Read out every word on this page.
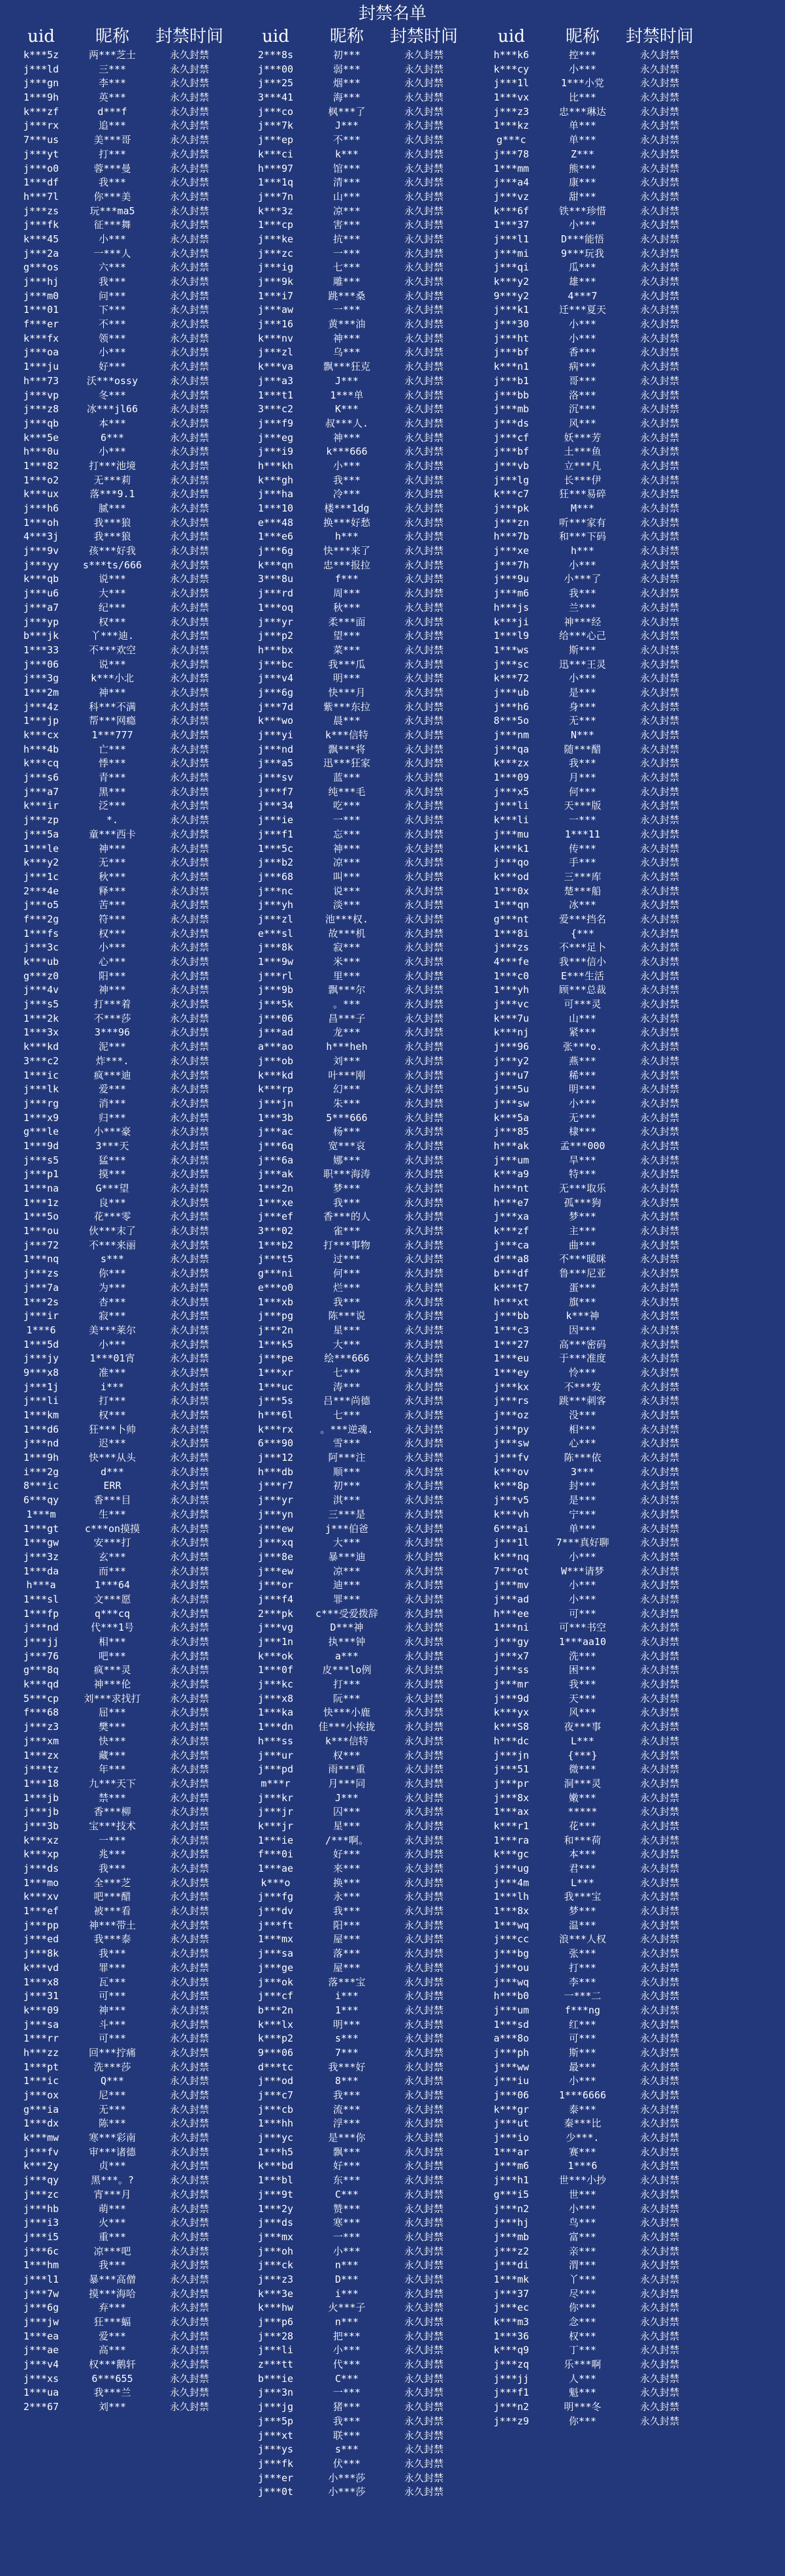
封禁名单
uid	昵称	封禁时间
k***5z	两***芝士	永久封禁
j***ld	三***	永久封禁
j***gn	李***	永久封禁
1***9h	英***	永久封禁
k***zf	d***f	永久封禁
j***rx	追***	永久封禁
7***us	美***哥	永久封禁
j***yt	打***	永久封禁
j***o0	蓉***曼	永久封禁
1***df	我***	永久封禁
h***7l	你***美	永久封禁
j***zs	玩***ma5	永久封禁
j***fk	征***舞	永久封禁
k***45	小***	永久封禁
j***2a	一***人	永久封禁
g***os	六***	永久封禁
j***hj	我***	永久封禁
j***m0	问***	永久封禁
1***01	下***	永久封禁
f***er	不***	永久封禁
k***fx	领***	永久封禁
j***oa	小***	永久封禁
1***ju	好***	永久封禁
h***73	沃***ossy	永久封禁
j***vp	冬***	永久封禁
j***z8	冰***jl66	永久封禁
j***qb	本***	永久封禁
k***5e	6***	永久封禁
h***0u	小***	永久封禁
1***82	打***池境	永久封禁
1***o2	无***莉	永久封禁
k***ux	落***9.1	永久封禁
j***h6	腻***	永久封禁
1***oh	我***狼	永久封禁
4***3j	我***狼	永久封禁
j***9v	孩***好我	永久封禁
j***yy	s***ts/666	永久封禁
k***qb	说***	永久封禁
j***u6	大***	永久封禁
j***a7	纪***	永久封禁
j***yp	权***	永久封禁
b***jk	丫***迪.	永久封禁
1***33	不***欢空	永久封禁
j***06	说***	永久封禁
j***3g	k***小北	永久封禁
1***2m	神***	永久封禁
j***4z	科***不满	永久封禁
1***jp	帮***网瘾	永久封禁
k***cx	1***777	永久封禁
h***4b	亡***	永久封禁
k***cq	悸***	永久封禁
j***s6	青***	永久封禁
j***a7	黑***	永久封禁
k***ir	泛***	永久封禁
j***zp	*.	永久封禁
j***5a	童***西卡	永久封禁
1***le	神***	永久封禁
k***y2	无***	永久封禁
j***1c	秋***	永久封禁
2***4e	释***	永久封禁
j***o5	苦***	永久封禁
f***2g	符***	永久封禁
1***fs	权***	永久封禁
j***3c	小***	永久封禁
k***ub	心***	永久封禁
g***z0	阳***	永久封禁
j***4v	神***	永久封禁
j***s5	打***着	永久封禁
1***2k	不***莎	永久封禁
1***3x	3***96	永久封禁
k***kd	泥***	永久封禁
3***c2	炸***.	永久封禁
1***ic	疯***迪	永久封禁
j***lk	爱***	永久封禁
j***rg	消***	永久封禁
1***x9	归***	永久封禁
g***le	小***豪	永久封禁
1***9d	3***天	永久封禁
j***s5	猛***	永久封禁
j***p1	摸***	永久封禁
1***na	G***望	永久封禁
1***1z	良***	永久封禁
1***5o	花***零	永久封禁
1***ou	伙***末了	永久封禁
j***72	不***来丽	永久封禁
1***nq	s***	永久封禁
j***zs	你***	永久封禁
j***7a	为***	永久封禁
1***2s	杏***	永久封禁
j***ir	寂***	永久封禁
1***6	美***莱尔	永久封禁
1***5d	小***	永久封禁
j***jy	1***01宵	永久封禁
9***x8	准***	永久封禁
j***1j	i***	永久封禁
j***li	打***	永久封禁
1***km	权***	永久封禁
1***d6	狂***卜帅	永久封禁
j***nd	迟***	永久封禁
1***9h	快***从头	永久封禁
i***2g	d***	永久封禁
8***ic	ERR	永久封禁
6***qy	香***目	永久封禁
1***m	生***	永久封禁
1***gt	c***on摸摸	永久封禁
1***gw	安***打	永久封禁
j***3z	玄***	永久封禁
1***da	而***	永久封禁
h***a	1***64	永久封禁
1***sl	文***愿	永久封禁
1***fp	q***cq	永久封禁
j***nd	代***1号	永久封禁
j***jj	相***	永久封禁
j***76	吧***	永久封禁
g***8q	疯***灵	永久封禁
k***qd	神***伦	永久封禁
5***cp	刘***求找打	永久封禁
f***68	屈***	永久封禁
j***z3	樊***	永久封禁
j***xm	快***	永久封禁
1***zx	藏***	永久封禁
j***tz	年***	永久封禁
1***18	九***天下	永久封禁
1***jb	禁***	永久封禁
j***jb	香***柳	永久封禁
j***3b	宝***技术	永久封禁
k***xz	一***	永久封禁
k***xp	兆***	永久封禁
j***ds	我***	永久封禁
1***mo	全***芝	永久封禁
k***xv	吧***醋	永久封禁
1***ef	被***看	永久封禁
j***pp	神***带土	永久封禁
j***ed	我***泰	永久封禁
j***8k	我***	永久封禁
k***vd	罪***	永久封禁
1***x8	瓦***	永久封禁
j***31	可***	永久封禁
k***09	神***	永久封禁
j***sa	斗***	永久封禁
1***rr	可***	永久封禁
h***zz	回***拧痛	永久封禁
1***pt	洗***莎	永久封禁
1***ic	Q***	永久封禁
j***ox	尼***	永久封禁
g***ia	无***	永久封禁
1***dx	陈***	永久封禁
k***mw	寒***彩南	永久封禁
j***fv	审***诸德	永久封禁
k***2y	贞***	永久封禁
j***qy	黑***。?	永久封禁
j***zc	宵***月	永久封禁
j***hb	萌***	永久封禁
j***i3	火***	永久封禁
j***i5	重***	永久封禁
j***6c	凉***吧	永久封禁
1***hm	我***	永久封禁
j***l1	暴***高僧	永久封禁
j***7w	摸***海哈	永久封禁
j***6g	弃***	永久封禁
j***jw	狂***蝠	永久封禁
1***ea	爱***	永久封禁
j***ae	高***	永久封禁
j***v4	权***鹅轩	永久封禁
j***xs	6***655	永久封禁
1***ua	我***兰	永久封禁
2***67	刘***	永久封禁
uid	昵称	封禁时间
2***8s	初***	永久封禁
j***00	弱***	永久封禁
j***25	烟***	永久封禁
3***41	海***	永久封禁
j***co	枫***了	永久封禁
j***7k	J***	永久封禁
j***ep	不***	永久封禁
k***ci	k***	永久封禁
h***97	馆***	永久封禁
1***1q	清***	永久封禁
j***7n	山***	永久封禁
k***3z	凉***	永久封禁
1***cp	害***	永久封禁
j***ke	抗***	永久封禁
j***zc	一***	永久封禁
j***ig	七***	永久封禁
j***9k	雕***	永久封禁
1***i7	跳***桑	永久封禁
j***aw	一***	永久封禁
j***16	黄***油	永久封禁
k***nv	神***	永久封禁
j***zl	乌***	永久封禁
k***va	飘***狂克	永久封禁
j***a3	J***	永久封禁
1***t1	1***单	永久封禁
3***c2	K***	永久封禁
j***f9	叔***人.	永久封禁
j***eg	神***	永久封禁
j***i9	k***666	永久封禁
h***kh	小***	永久封禁
k***gh	我***	永久封禁
j***ha	冷***	永久封禁
1***10	楼***1dg	永久封禁
e***48	换***好愁	永久封禁
1***e6	h***	永久封禁
j***6g	快***来了	永久封禁
k***qn	忠***报拉	永久封禁
3***8u	f***	永久封禁
j***rd	周***	永久封禁
1***oq	秋***	永久封禁
j***yr	柔***面	永久封禁
j***p2	望***	永久封禁
h***bx	菜***	永久封禁
j***bc	我***瓜	永久封禁
j***v4	明***	永久封禁
j***6g	快***月	永久封禁
j***7d	紫***东拉	永久封禁
k***wo	晨***	永久封禁
j***yi	k***信特	永久封禁
j***nd	飘***将	永久封禁
j***a5	迅***狂家	永久封禁
j***sv	蓝***	永久封禁
j***f7	纯***毛	永久封禁
j***34	吃***	永久封禁
j***ie	一***	永久封禁
j***f1	忘***	永久封禁
1***5c	神***	永久封禁
j***b2	凉***	永久封禁
j***68	叫***	永久封禁
j***nc	说***	永久封禁
j***yh	淡***	永久封禁
j***zl	池***权.	永久封禁
e***sl	故***机	永久封禁
j***8k	寂***	永久封禁
1***9w	米***	永久封禁
j***rl	里***	永久封禁
j***9b	飘***尔	永久封禁
j***5k	。***	永久封禁
j***06	昌***子	永久封禁
j***ad	龙***	永久封禁
a***ao	h***heh	永久封禁
j***ob	刘***	永久封禁
k***kd	叶***刚	永久封禁
k***rp	幻***	永久封禁
j***jn	朱***	永久封禁
1***3b	5***666	永久封禁
j***ac	杨***	永久封禁
j***6q	宽***哀	永久封禁
j***6a	娜***	永久封禁
j***ak	职***海涛	永久封禁
1***2n	梦***	永久封禁
1***xe	我***	永久封禁
j***ef	香***的人	永久封禁
3***02	雀***	永久封禁
1***b2	打***事物	永久封禁
j***t5	过***	永久封禁
g***ni	何***	永久封禁
e***o0	烂***	永久封禁
1***xb	我***	永久封禁
j***pg	陈***说	永久封禁
j***2n	星***	永久封禁
1***k5	大***	永久封禁
j***pe	绘***666	永久封禁
1***xr	七***	永久封禁
1***uc	涛***	永久封禁
j***5s	吕***尚德	永久封禁
h***6l	七***	永久封禁
k***rx	。***逆魂.	永久封禁
6***90	雪***	永久封禁
j***12	阿***注	永久封禁
h***db	顺***	永久封禁
j***r7	初***	永久封禁
j***yr	淇***	永久封禁
j***yn	三***是	永久封禁
j***ew	j***伯爸	永久封禁
j***xq	大***	永久封禁
j***8e	暴***迪	永久封禁
j***ew	凉***	永久封禁
j***or	迪***	永久封禁
j***f4	罪***	永久封禁
2***pk	c***受爱拨辞	永久封禁
j***vg	D***神	永久封禁
j***1n	执***钟	永久封禁
k***ok	a***	永久封禁
1***0f	皮***lo例	永久封禁
j***kc	打***	永久封禁
j***x8	阮***	永久封禁
1***ka	快***小鹿	永久封禁
1***dn	佳***小挨拢	永久封禁
h***ss	k***信特	永久封禁
j***ur	权***	永久封禁
j***pd	雨***重	永久封禁
m***r	月***同	永久封禁
j***kr	J***	永久封禁
j***jr	囚***	永久封禁
k***jr	星***	永久封禁
1***ie	/***啊。	永久封禁
f***0i	好***	永久封禁
1***ae	来***	永久封禁
k***o	换***	永久封禁
j***fg	永***	永久封禁
j***dv	我***	永久封禁
j***ft	阳***	永久封禁
1***mx	屋***	永久封禁
j***sa	落***	永久封禁
j***ge	屋***	永久封禁
j***ok	落***宝	永久封禁
j***cf	i***	永久封禁
b***2n	1***	永久封禁
k***lx	明***	永久封禁
k***p2	s***	永久封禁
9***06	7***	永久封禁
d***tc	我***好	永久封禁
j***od	8***	永久封禁
j***c7	我***	永久封禁
j***cb	流***	永久封禁
1***hh	浮***	永久封禁
j***yc	是***你	永久封禁
1***h5	飘***	永久封禁
k***bd	好***	永久封禁
1***bl	东***	永久封禁
j***9t	C***	永久封禁
1***2y	赞***	永久封禁
j***ds	寒***	永久封禁
j***mx	一***	永久封禁
j***oh	小***	永久封禁
j***ck	n***	永久封禁
j***z3	D***	永久封禁
k***3e	i***	永久封禁
k***hw	火***子	永久封禁
j***p6	n***	永久封禁
j***28	把***	永久封禁
j***li	小***	永久封禁
z***tt	代***	永久封禁
b***ie	C***	永久封禁
j***3n	一***	永久封禁
j***jg	猪***	永久封禁
j***5p	我***	永久封禁
j***xt	联***	永久封禁
j***ys	s***	永久封禁
j***fk	伏***	永久封禁
j***er	小***莎	永久封禁
j***0t	小***莎	永久封禁
uid	昵称	封禁时间
h***k6	控***	永久封禁
k***cy	小***	永久封禁
j***1l	1***小党	永久封禁
1***vx	比***	永久封禁
j***z3	忠***琳达	永久封禁
1***kz	单***	永久封禁
g***c	单***	永久封禁
j***78	Z***	永久封禁
1***mm	熊***	永久封禁
j***a4	康***	永久封禁
j***vz	甜***	永久封禁
k***6f	铁***珍惜	永久封禁
1***37	小***	永久封禁
j***l1	D***能悟	永久封禁
j***mi	9***玩我	永久封禁
j***qi	瓜***	永久封禁
k***y2	雄***	永久封禁
9***y2	4***7	永久封禁
j***k1	迁***夏天	永久封禁
j***30	小***	永久封禁
j***ht	小***	永久封禁
j***bf	香***	永久封禁
k***n1	病***	永久封禁
j***b1	哥***	永久封禁
j***bb	洛***	永久封禁
j***mb	沉***	永久封禁
j***ds	风***	永久封禁
j***cf	妖***芳	永久封禁
j***bf	土***鱼	永久封禁
j***vb	立***凡	永久封禁
j***lg	长***伊	永久封禁
k***c7	狂***易碎	永久封禁
j***pk	M***	永久封禁
j***zn	听***家有	永久封禁
h***7b	和***下码	永久封禁
j***xe	h***	永久封禁
j***7h	小***	永久封禁
j***9u	小***了	永久封禁
j***m6	我***	永久封禁
h***js	兰***	永久封禁
k***ji	神***经	永久封禁
1***l9	给***心己	永久封禁
1***ws	斯***	永久封禁
j***sc	迅***王灵	永久封禁
k***72	小***	永久封禁
j***ub	是***	永久封禁
j***h6	身***	永久封禁
8***5o	无***	永久封禁
j***nm	N***	永久封禁
j***qa	随***醋	永久封禁
k***zx	我***	永久封禁
1***09	月***	永久封禁
j***x5	何***	永久封禁
j***li	天***版	永久封禁
k***li	一***	永久封禁
j***mu	1***11	永久封禁
k***k1	传***	永久封禁
j***qo	手***	永久封禁
k***od	三***库	永久封禁
1***0x	楚***船	永久封禁
1***qn	冰***	永久封禁
g***nt	爱***挡名	永久封禁
1***8i	{***	永久封禁
j***zs	不***足卜	永久封禁
4***fe	我***信小	永久封禁
1***c0	E***生活	永久封禁
1***yh	顾***总裁	永久封禁
j***vc	可***灵	永久封禁
k***7u	山***	永久封禁
k***nj	紧***	永久封禁
j***96	张***o.	永久封禁
j***y2	燕***	永久封禁
j***u7	稀***	永久封禁
j***5u	明***	永久封禁
j***sw	小***	永久封禁
k***5a	无***	永久封禁
j***85	棣***	永久封禁
h***ak	孟***000	永久封禁
j***um	旱***	永久封禁
k***a9	特***	永久封禁
h***nt	无***取乐	永久封禁
h***e7	孤***狗	永久封禁
j***xa	梦***	永久封禁
k***zf	主***	永久封禁
j***ca	曲***	永久封禁
d***a8	不***暖咪	永久封禁
b***df	鲁***尼亚	永久封禁
k***t7	蛋***	永久封禁
h***xt	旗***	永久封禁
j***bb	k***神	永久封禁
1***c3	因***	永久封禁
1***27	高***密码	永久封禁
1***eu	于***准度	永久封禁
1***ey	怜***	永久封禁
j***kx	不***发	永久封禁
j***rs	跳***刺客	永久封禁
j***oz	没***	永久封禁
j***py	相***	永久封禁
j***sw	心***	永久封禁
j***fv	陈***依	永久封禁
k***ov	3***	永久封禁
k***8p	封***	永久封禁
j***v5	是***	永久封禁
k***vh	宁***	永久封禁
6***ai	单***	永久封禁
j***1l	7***真好聊	永久封禁
k***nq	小***	永久封禁
7***ot	W***请梦	永久封禁
j***mv	小***	永久封禁
j***ad	小***	永久封禁
h***ee	可***	永久封禁
1***ni	可***书空	永久封禁
j***gy	1***aa10	永久封禁
j***x7	洗***	永久封禁
j***ss	困***	永久封禁
j***mr	我***	永久封禁
j***9d	天***	永久封禁
k***yx	风***	永久封禁
k***S8	夜***事	永久封禁
h***dc	L***	永久封禁
j***jn	{***}	永久封禁
j***51	微***	永久封禁
j***pr	洞***灵	永久封禁
j***8x	嫩***	永久封禁
1***ax	*****	永久封禁
k***r1	花***	永久封禁
1***ra	和***荷	永久封禁
k***gc	本***	永久封禁
j***ug	君***	永久封禁
j***4m	L***	永久封禁
1***lh	我***宝	永久封禁
1***8x	梦***	永久封禁
1***wq	温***	永久封禁
j***cc	浪***人权	永久封禁
j***bg	张***	永久封禁
j***ou	打***	永久封禁
j***wq	李***	永久封禁
h***b0	一***二	永久封禁
j***um	f***ng	永久封禁
1***sd	红***	永久封禁
a***8o	可***	永久封禁
j***ph	斯***	永久封禁
j***ww	最***	永久封禁
j***iu	小***	永久封禁
j***06	1***6666	永久封禁
k***gr	泰***	永久封禁
j***ut	秦***比	永久封禁
j***io	少***.	永久封禁
1***ar	赛***	永久封禁
j***m6	1***6	永久封禁
j***h1	世***小抄	永久封禁
g***i5	世***	永久封禁
j***n2	小***	永久封禁
j***hj	鸟***	永久封禁
j***mb	富***	永久封禁
j***z2	亲***	永久封禁
j***di	渭***	永久封禁
1***mk	丫***	永久封禁
j***37	尽***	永久封禁
j***ec	你***	永久封禁
k***m3	念***	永久封禁
1***36	权***	永久封禁
k***q9	丁***	永久封禁
j***zq	乐***啊	永久封禁
j***jj	人***	永久封禁
j***f1	魁***	永久封禁
j***n2	明***冬	永久封禁
j***z9	你***	永久封禁
